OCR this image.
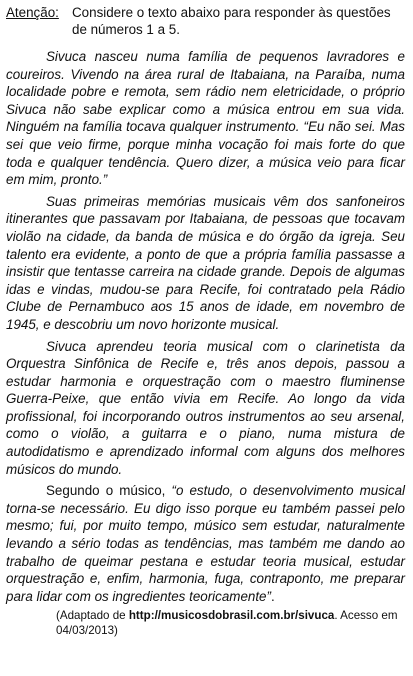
Atenção: Considere o texto abaixo para responder às questões de números 1 a 5.

Sivuca nasceu numa família de pequenos lavradores e coureiros. Vivendo na área rural de Itabaiana, na Paraíba, numa localidade pobre e remota, sem rádio nem eletricidade, o próprio Sivuca não sabe explicar como a música entrou em sua vida. Ninguém na família tocava qualquer instrumento. “Eu não sei. Mas sei que veio firme, porque minha vocação foi mais forte do que toda e qualquer tendência. Quero dizer, a música veio para ficar em mim, pronto.”

Suas primeiras memórias musicais vêm dos sanfoneiros itinerantes que passavam por Itabaiana, de pessoas que tocavam violão na cidade, da banda de música e do órgão da igreja. Seu talento era evidente, a ponto de que a própria família passasse a insistir que tentasse carreira na cidade grande. Depois de algumas idas e vindas, mudou-se para Recife, foi contratado pela Rádio Clube de Pernambuco aos 15 anos de idade, em novembro de 1945, e descobriu um novo horizonte musical.

Sivuca aprendeu teoria musical com o clarinetista da Orquestra Sinfônica de Recife e, três anos depois, passou a estudar harmonia e orquestração com o maestro fluminense Guerra-Peixe, que então vivia em Recife. Ao longo da vida profissional, foi incorporando outros instrumentos ao seu arsenal, como o violão, a guitarra e o piano, numa mistura de autodidatismo e aprendizado informal com alguns dos melhores músicos do mundo.

Segundo o músico, “o estudo, o desenvolvimento musical torna-se necessário. Eu digo isso porque eu também passei pelo mesmo; fui, por muito tempo, músico sem estudar, naturalmente levando a sério todas as tendências, mas também me dando ao trabalho de queimar pestana e estudar teoria musical, estudar orquestração e, enfim, harmonia, fuga, contraponto, me preparar para lidar com os ingredientes teoricamente”.

(Adaptado de http://musicosdobrasil.com.br/sivuca. Acesso em 04/03/2013)
